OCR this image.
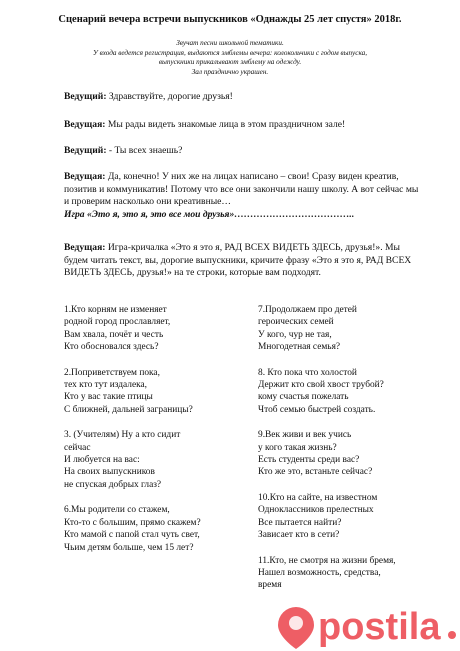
Сценарий вечера встречи выпускников «Однажды 25 лет спустя» 2018г.
Звучат песни школьной тематики.
У входа ведется регистрация, выдаются эмблемы вечера: колокольчики с годом выпуска,
выпускники прикалывают эмблему на одежду.
Зал празднично украшен.
Ведущий: Здравствуйте, дорогие друзья!
Ведущая: Мы рады видеть знакомые лица в этом праздничном зале!
Ведущий: - Ты всех знаешь?
Ведущая: Да, конечно! У них же на лицах написано – свои! Сразу виден креатив, позитив и коммуникатив! Потому что все они закончили нашу школу. А вот сейчас мы и проверим насколько они креативные…
Игра «Это я, это я, это все мои друзья»………………………………..
Ведущая: Игра-кричалка «Это я это я, РАД ВСЕХ ВИДЕТЬ ЗДЕСЬ, друзья!». Мы будем читать текст, вы, дорогие выпускники, кричите фразу «Это я это я, РАД ВСЕХ ВИДЕТЬ ЗДЕСЬ, друзья!» на те строки, которые вам подходят.
1.Кто корням не изменяет
родной город прославляет,
Вам хвала, почёт и честь
Кто обосновался здесь?
2.Поприветствуем пока,
тех кто тут издалека,
Кто у вас такие птицы
С ближней, дальней заграницы?
3. (Учителям) Ну а кто сидит
сейчас
И любуется на вас:
На своих выпускников
не спуская добрых глаз?
6.Мы родители со стажем,
Кто-то с большим, прямо скажем?
Кто мамой с папой стал чуть свет,
Чьим детям больше, чем 15 лет?
7.Продолжаем про детей
героических семей
У кого, чур не тая,
Многодетная семья?
8. Кто пока что холостой
Держит кто свой хвост трубой?
кому счастья пожелать
Чтоб семью быстрей создать.
9.Век живи и век учись
у кого такая жизнь?
Есть студенты среди вас?
Кто же это, встаньте сейчас?
10.Кто на сайте, на известном
Одноклассников прелестных
Все пытается найти?
Зависает кто в сети?
11.Кто, не смотря на жизни бремя,
Нашел возможность, средства,
время
postila
